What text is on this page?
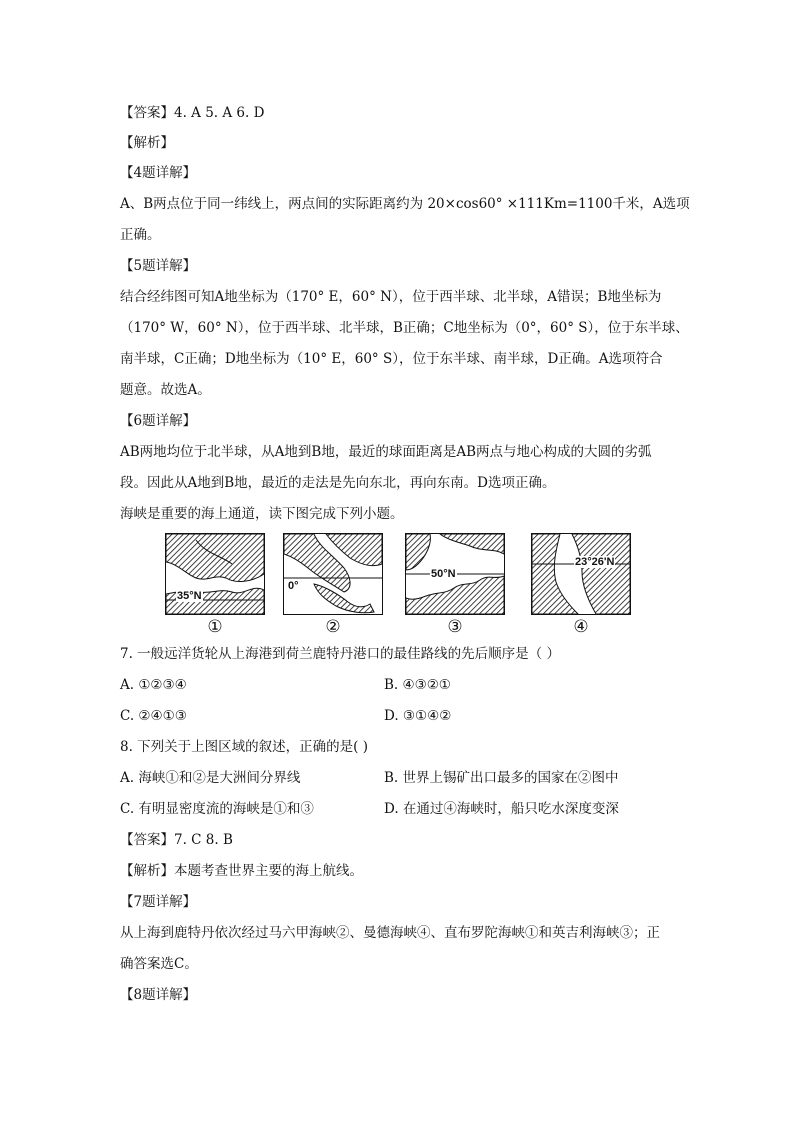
【答案】4. A 5. A 6. D
【解析】
【4题详解】
A、B两点位于同一纬线上，两点间的实际距离约为 20×cos60° ×111Km=1100千米，A选项
正确。
【5题详解】
结合经纬图可知A地坐标为（170° E，60° N），位于西半球、北半球，A错误；B地坐标为
（170° W，60° N），位于西半球、北半球，B正确；C地坐标为（0°，60° S），位于东半球、
南半球，C正确；D地坐标为（10° E，60° S），位于东半球、南半球，D正确。A选项符合
题意。故选A。
【6题详解】
AB两地均位于北半球，从A地到B地，最近的球面距离是AB两点与地心构成的大圆的劣弧
段。因此从A地到B地，最近的走法是先向东北，再向东南。D选项正确。
海峡是重要的海上通道，读下图完成下列小题。
35°N
①
0°
②
50°N
③
23°26'N
④
7. 一般远洋货轮从上海港到荷兰鹿特丹港口的最佳路线的先后顺序是（ ）
A. ①②③④	B. ④③②①
C. ②④①③	D. ③①④②
8. 下列关于上图区域的叙述，正确的是( )
A. 海峡①和②是大洲间分界线	B. 世界上锡矿出口最多的国家在②图中
C. 有明显密度流的海峡是①和③	D. 在通过④海峡时，船只吃水深度变深
【答案】7. C 8. B
【解析】本题考查世界主要的海上航线。
【7题详解】
从上海到鹿特丹依次经过马六甲海峡②、曼德海峡④、直布罗陀海峡①和英吉利海峡③；正
确答案选C。
【8题详解】
